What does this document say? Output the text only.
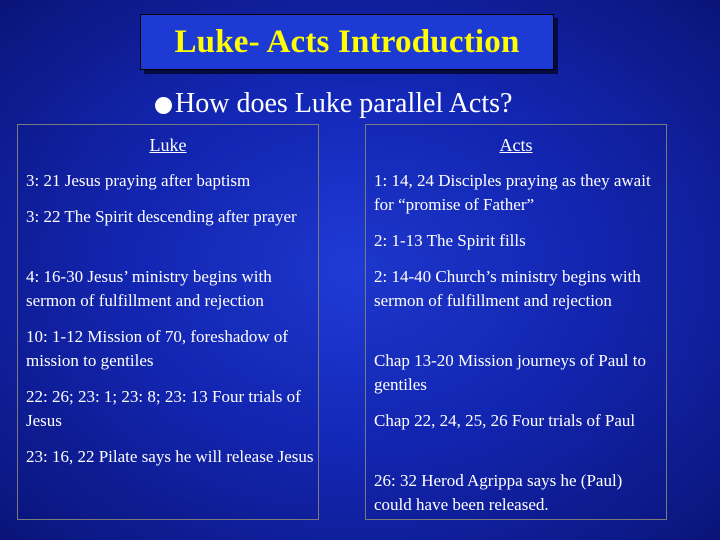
Luke- Acts Introduction
How does Luke parallel Acts?
Luke
3: 21 Jesus praying after baptism
3: 22 The Spirit descending after prayer
4: 16-30 Jesus’ ministry begins with sermon of fulfillment and rejection
10: 1-12 Mission of 70, foreshadow of mission to gentiles
22: 26; 23: 1; 23: 8; 23: 13 Four trials of Jesus
23: 16, 22 Pilate says he will release Jesus
Acts
1: 14, 24 Disciples praying as they await for “promise of Father”
2: 1-13 The Spirit fills
2: 14-40 Church’s ministry begins with sermon of fulfillment and rejection
Chap 13-20 Mission journeys of Paul to gentiles
Chap 22, 24, 25, 26 Four trials of Paul
26: 32 Herod Agrippa says he (Paul) could have been released.
